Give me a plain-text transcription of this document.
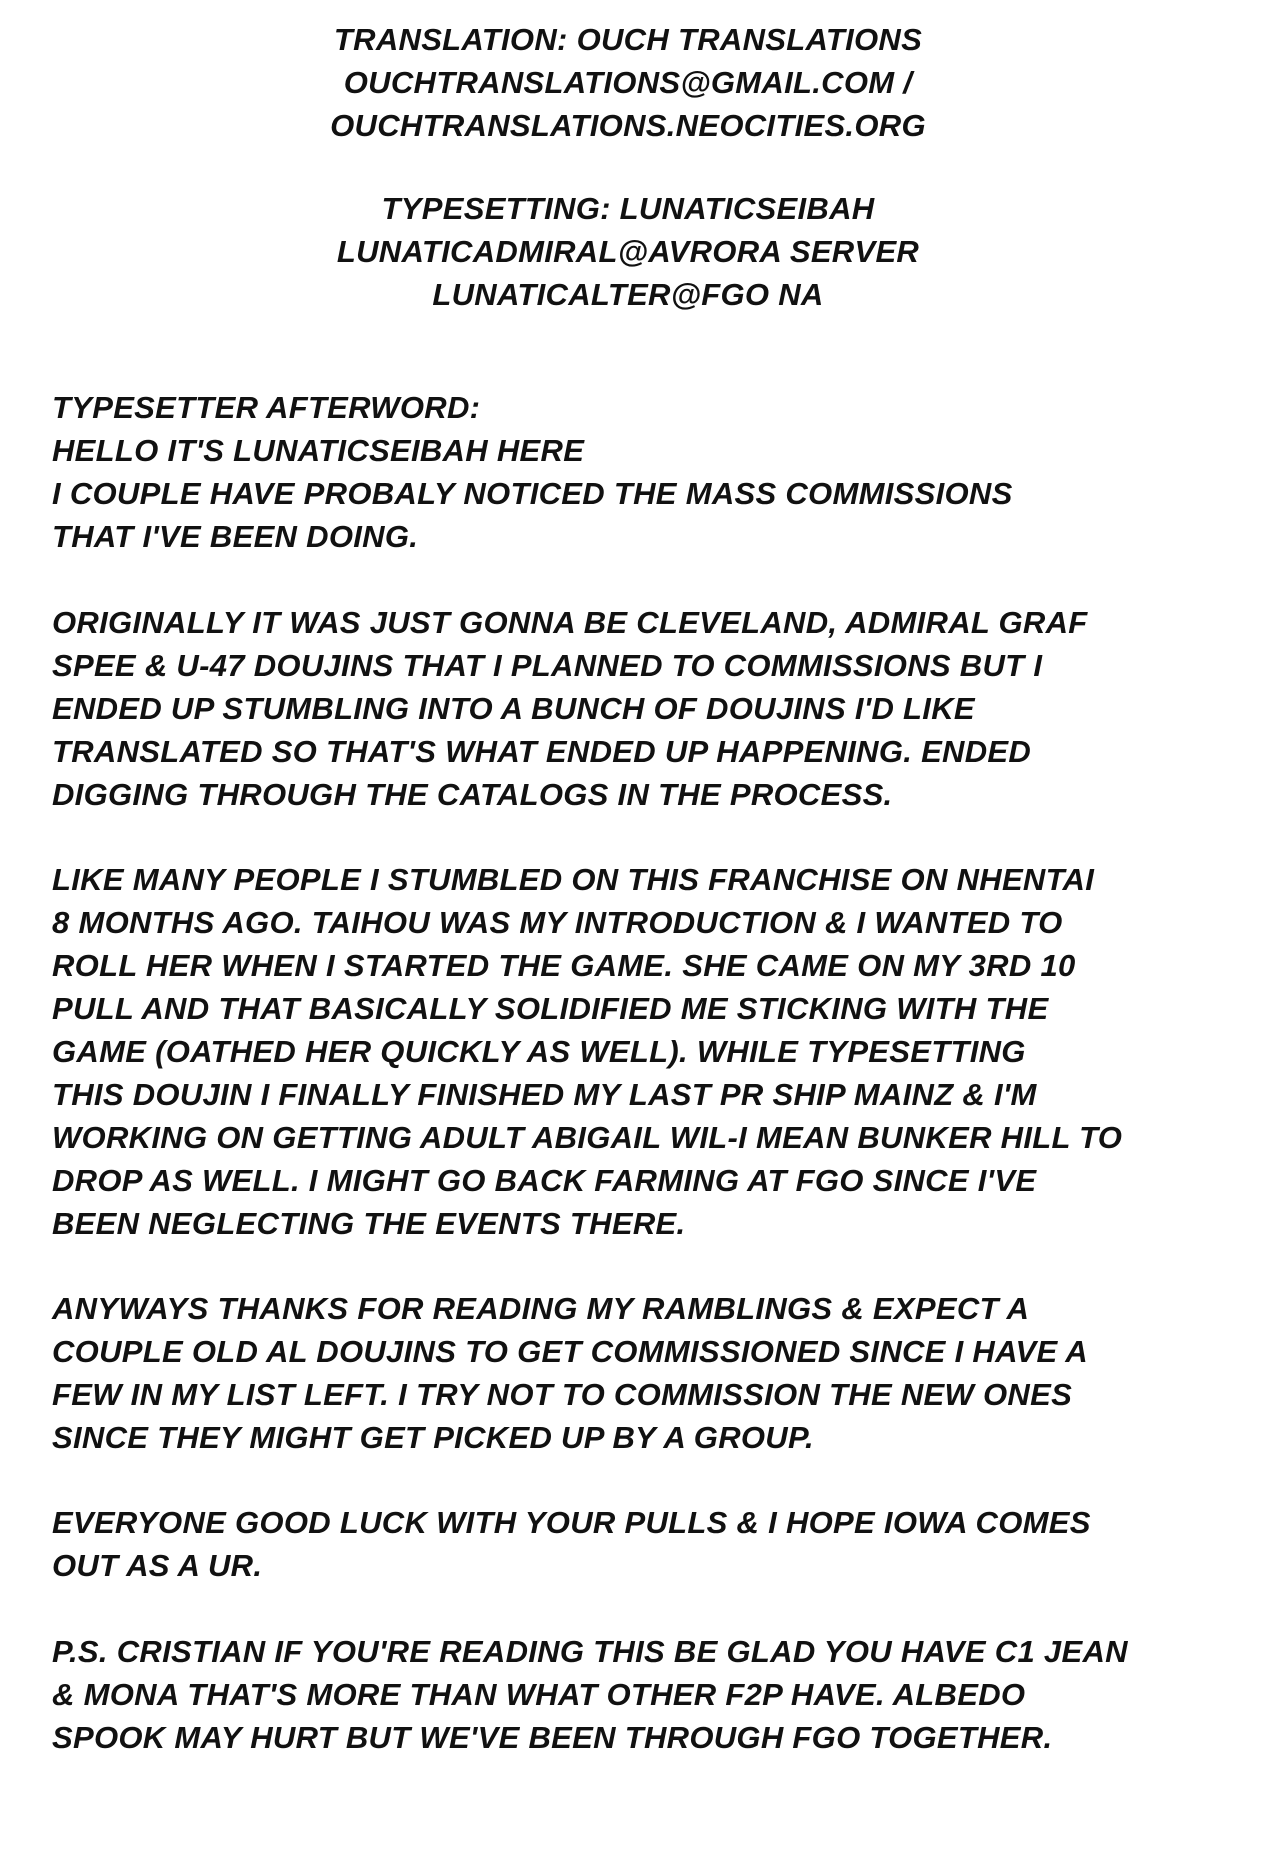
TRANSLATION: OUCH TRANSLATIONS
OUCHTRANSLATIONS@GMAIL.COM /
OUCHTRANSLATIONS.NEOCITIES.ORG
TYPESETTING: LUNATICSEIBAH
LUNATICADMIRAL@AVRORA SERVER
LUNATICALTER@FGO NA
TYPESETTER AFTERWORD:
HELLO IT'S LUNATICSEIBAH HERE
I COUPLE HAVE PROBALY NOTICED THE MASS COMMISSIONS
THAT I'VE BEEN DOING.
ORIGINALLY IT WAS JUST GONNA BE CLEVELAND, ADMIRAL GRAF
SPEE & U-47 DOUJINS THAT I PLANNED TO COMMISSIONS BUT I
ENDED UP STUMBLING INTO A BUNCH OF DOUJINS I'D LIKE
TRANSLATED SO THAT'S WHAT ENDED UP HAPPENING. ENDED
DIGGING THROUGH THE CATALOGS IN THE PROCESS.
LIKE MANY PEOPLE I STUMBLED ON THIS FRANCHISE ON NHENTAI
8 MONTHS AGO. TAIHOU WAS MY INTRODUCTION & I WANTED TO
ROLL HER WHEN I STARTED THE GAME. SHE CAME ON MY 3RD 10
PULL AND THAT BASICALLY SOLIDIFIED ME STICKING WITH THE
GAME (OATHED HER QUICKLY AS WELL). WHILE TYPESETTING
THIS DOUJIN I FINALLY FINISHED MY LAST PR SHIP MAINZ & I'M
WORKING ON GETTING ADULT ABIGAIL WIL-I MEAN BUNKER HILL TO
DROP AS WELL. I MIGHT GO BACK FARMING AT FGO SINCE I'VE
BEEN NEGLECTING THE EVENTS THERE.
ANYWAYS THANKS FOR READING MY RAMBLINGS & EXPECT A
COUPLE OLD AL DOUJINS TO GET COMMISSIONED SINCE I HAVE A
FEW IN MY LIST LEFT. I TRY NOT TO COMMISSION THE NEW ONES
SINCE THEY MIGHT GET PICKED UP BY A GROUP.
EVERYONE GOOD LUCK WITH YOUR PULLS & I HOPE IOWA COMES
OUT AS A UR.
P.S. CRISTIAN IF YOU'RE READING THIS BE GLAD YOU HAVE C1 JEAN
& MONA THAT'S MORE THAN WHAT OTHER F2P HAVE. ALBEDO
SPOOK MAY HURT BUT WE'VE BEEN THROUGH FGO TOGETHER.
